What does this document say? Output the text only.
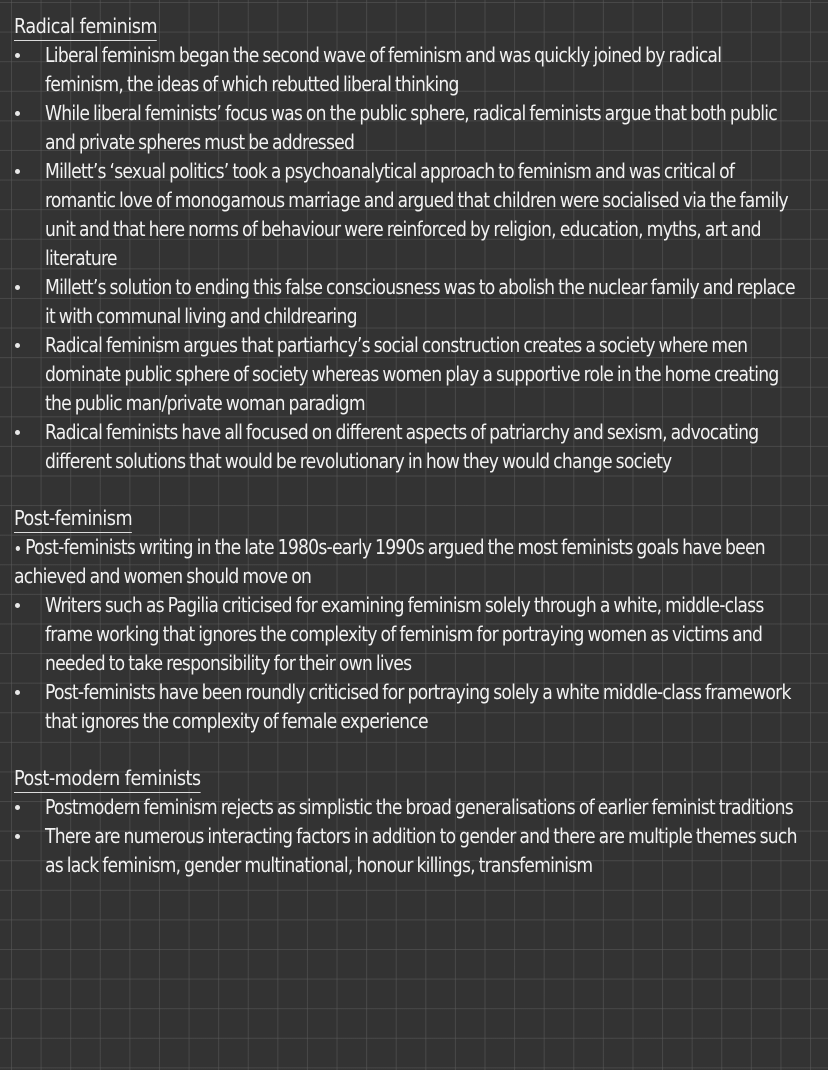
Radical feminism
Liberal feminism began the second wave of feminism and was quickly joined by radical feminism, the ideas of which rebutted liberal thinking
While liberal feminists’ focus was on the public sphere, radical feminists argue that both public and private spheres must be addressed
Millett’s ‘sexual politics’ took a psychoanalytical approach to feminism and was critical of romantic love of monogamous marriage and argued that children were socialised via the family unit and that here norms of behaviour were reinforced by religion, education, myths, art and literature
Millett’s solution to ending this false consciousness was to abolish the nuclear family and replace it with communal living and childrearing
Radical feminism argues that partiarhcy’s social construction creates a society where men dominate public sphere of society whereas women play a supportive role in the home creating the public man/private woman paradigm
Radical feminists have all focused on different aspects of patriarchy and sexism, advocating different solutions that would be revolutionary in how they would change society
Post-feminism
Post-feminists writing in the late 1980s-early 1990s argued the most feminists goals have been achieved and women should move on
Writers such as Pagilia criticised for examining feminism solely through a white, middle-class frame working that ignores the complexity of feminism for portraying women as victims and needed to take responsibility for their own lives
Post-feminists have been roundly criticised for portraying solely a white middle-class framework that ignores the complexity of female experience
Post-modern feminists
Postmodern feminism rejects as simplistic the broad generalisations of earlier feminist traditions
There are numerous interacting factors in addition to gender and there are multiple themes such as lack feminism, gender multinational, honour killings, transfeminism
